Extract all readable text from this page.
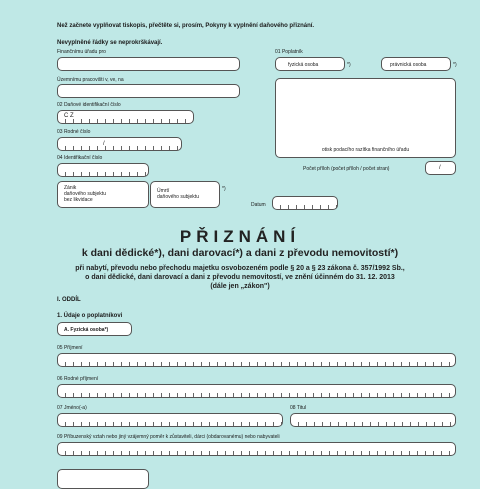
Než začnete vyplňovat tiskopis, přečtěte si, prosím, Pokyny k vyplnění daňového přiznání.
Nevyplněné řádky se neprokrškávají.
Finančnímu úřadu pro
Územnímu pracovišti v, ve, na
02 Daňové identifikační číslo
C Z
03 Rodné číslo
/
04 Identifikační číslo
01 Poplatník
fyzická osoba	*)	právnická osoba	*)
otisk podacího razítka finančního úřadu
Počet příloh (počet příloh / počet stran)	/
Zánik
daňového subjektu
bez likvidace
Úmrtí
daňového subjektu
*)
Datum
PŘIZNÁNÍ
k dani dědické*), dani darovací*) a dani z převodu nemovitostí*)
při nabytí, převodu nebo přechodu majetku osvobozeném podle § 20 a § 23 zákona č. 357/1992 Sb.,
o dani dědické, dani darovací a dani z převodu nemovitostí, ve znění účinném do 31. 12. 2013
(dále jen „zákon")
I. ODDÍL
1. Údaje o poplatníkovi
A. Fyzická osoba*)
05 Příjmení
06 Rodné příjmení
07 Jméno(-a)	08 Titul
09 Příbuzenský vztah nebo jiný vzájemný poměr k zůstaviteli, dárci (obdarovanému) nebo nabyvateli
